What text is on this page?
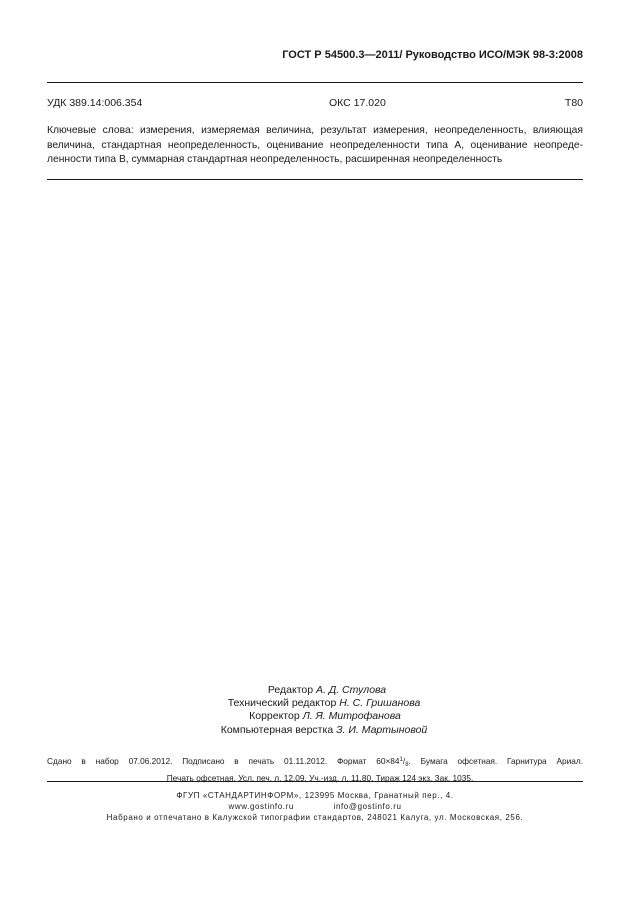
ГОСТ Р 54500.3—2011/ Руководство ИСО/МЭК 98-3:2008
УДК 389.14:006.354	ОКС 17.020	Т80
Ключевые слова: измерения, измеряемая величина, результат измерения, неопределенность, влияющая
величина, стандартная неопределенность, оценивание неопределенности типа А, оценивание неопреде-
ленности типа В, суммарная стандартная неопределенность, расширенная неопределенность
Редактор А. Д. Стулова
Технический редактор Н. С. Гришанова
Корректор Л. Я. Митрофанова
Компьютерная верстка З. И. Мартыновой
Сдано в набор 07.06.2012. Подписано в печать 01.11.2012. Формат $60\times 84^1/_8$. Бумага офсетная. Гарнитура Ариал.
Печать офсетная. Усл. печ. л. 12.09. Уч.-изд. л. 11.80. Тираж 124 экз. Зак. 1035.
ФГУП «СТАНДАРТИНФОРМ», 123995 Москва, Гранатный пер., 4.
www.gostinfo.ru	info@gostinfo.ru
Набрано и отпечатано в Калужской типографии стандартов, 248021 Калуга, ул. Московская, 256.
